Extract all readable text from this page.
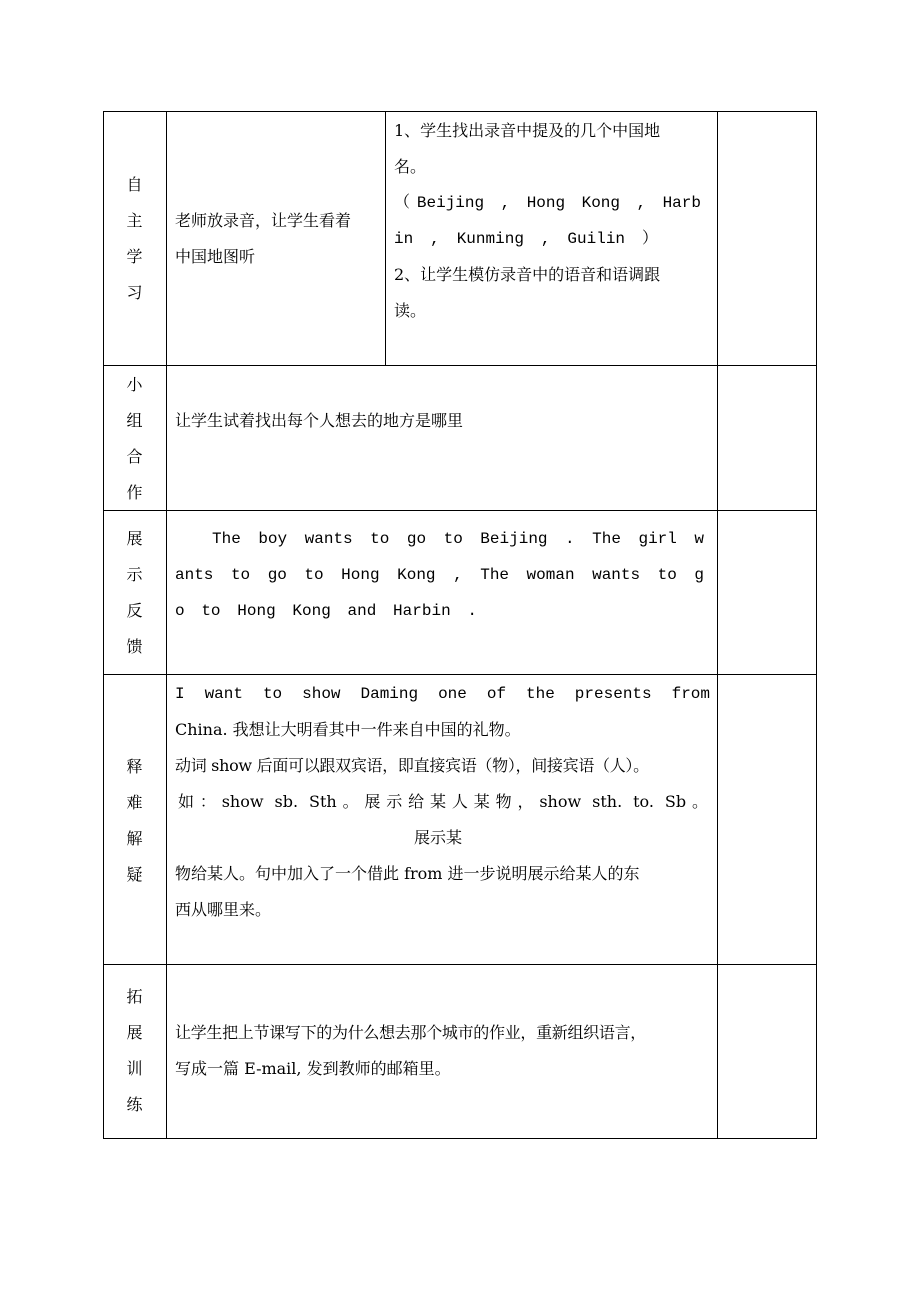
自
主
学
习
老师放录音，让学生看着
中国地图听
1、学生找出录音中提及的几个中国地
名。
（Beijing , Hong Kong , Harb
in , Kunming , Guilin ）
2、让学生模仿录音中的语音和语调跟
读。
小
组
合
作
让学生试着找出每个人想去的地方是哪里
展
示
反
馈
The boy wants to go to Beijing . The girl w
ants to go to Hong Kong , The woman wants to g
o to Hong Kong and Harbin .
释
难
解
疑
I want to show Daming one of the presents from
China. 我想让大明看其中一件来自中国的礼物。
动词 show 后面可以跟双宾语，即直接宾语（物），间接宾语（人）。
如：show sb. Sth。展示给某人某物，show sth. to. Sb。
展示某
物给某人。句中加入了一个借此 from 进一步说明展示给某人的东
西从哪里来。
拓
展
训
练
让学生把上节课写下的为什么想去那个城市的作业，重新组织语言，
写成一篇 E-mail, 发到教师的邮箱里。
